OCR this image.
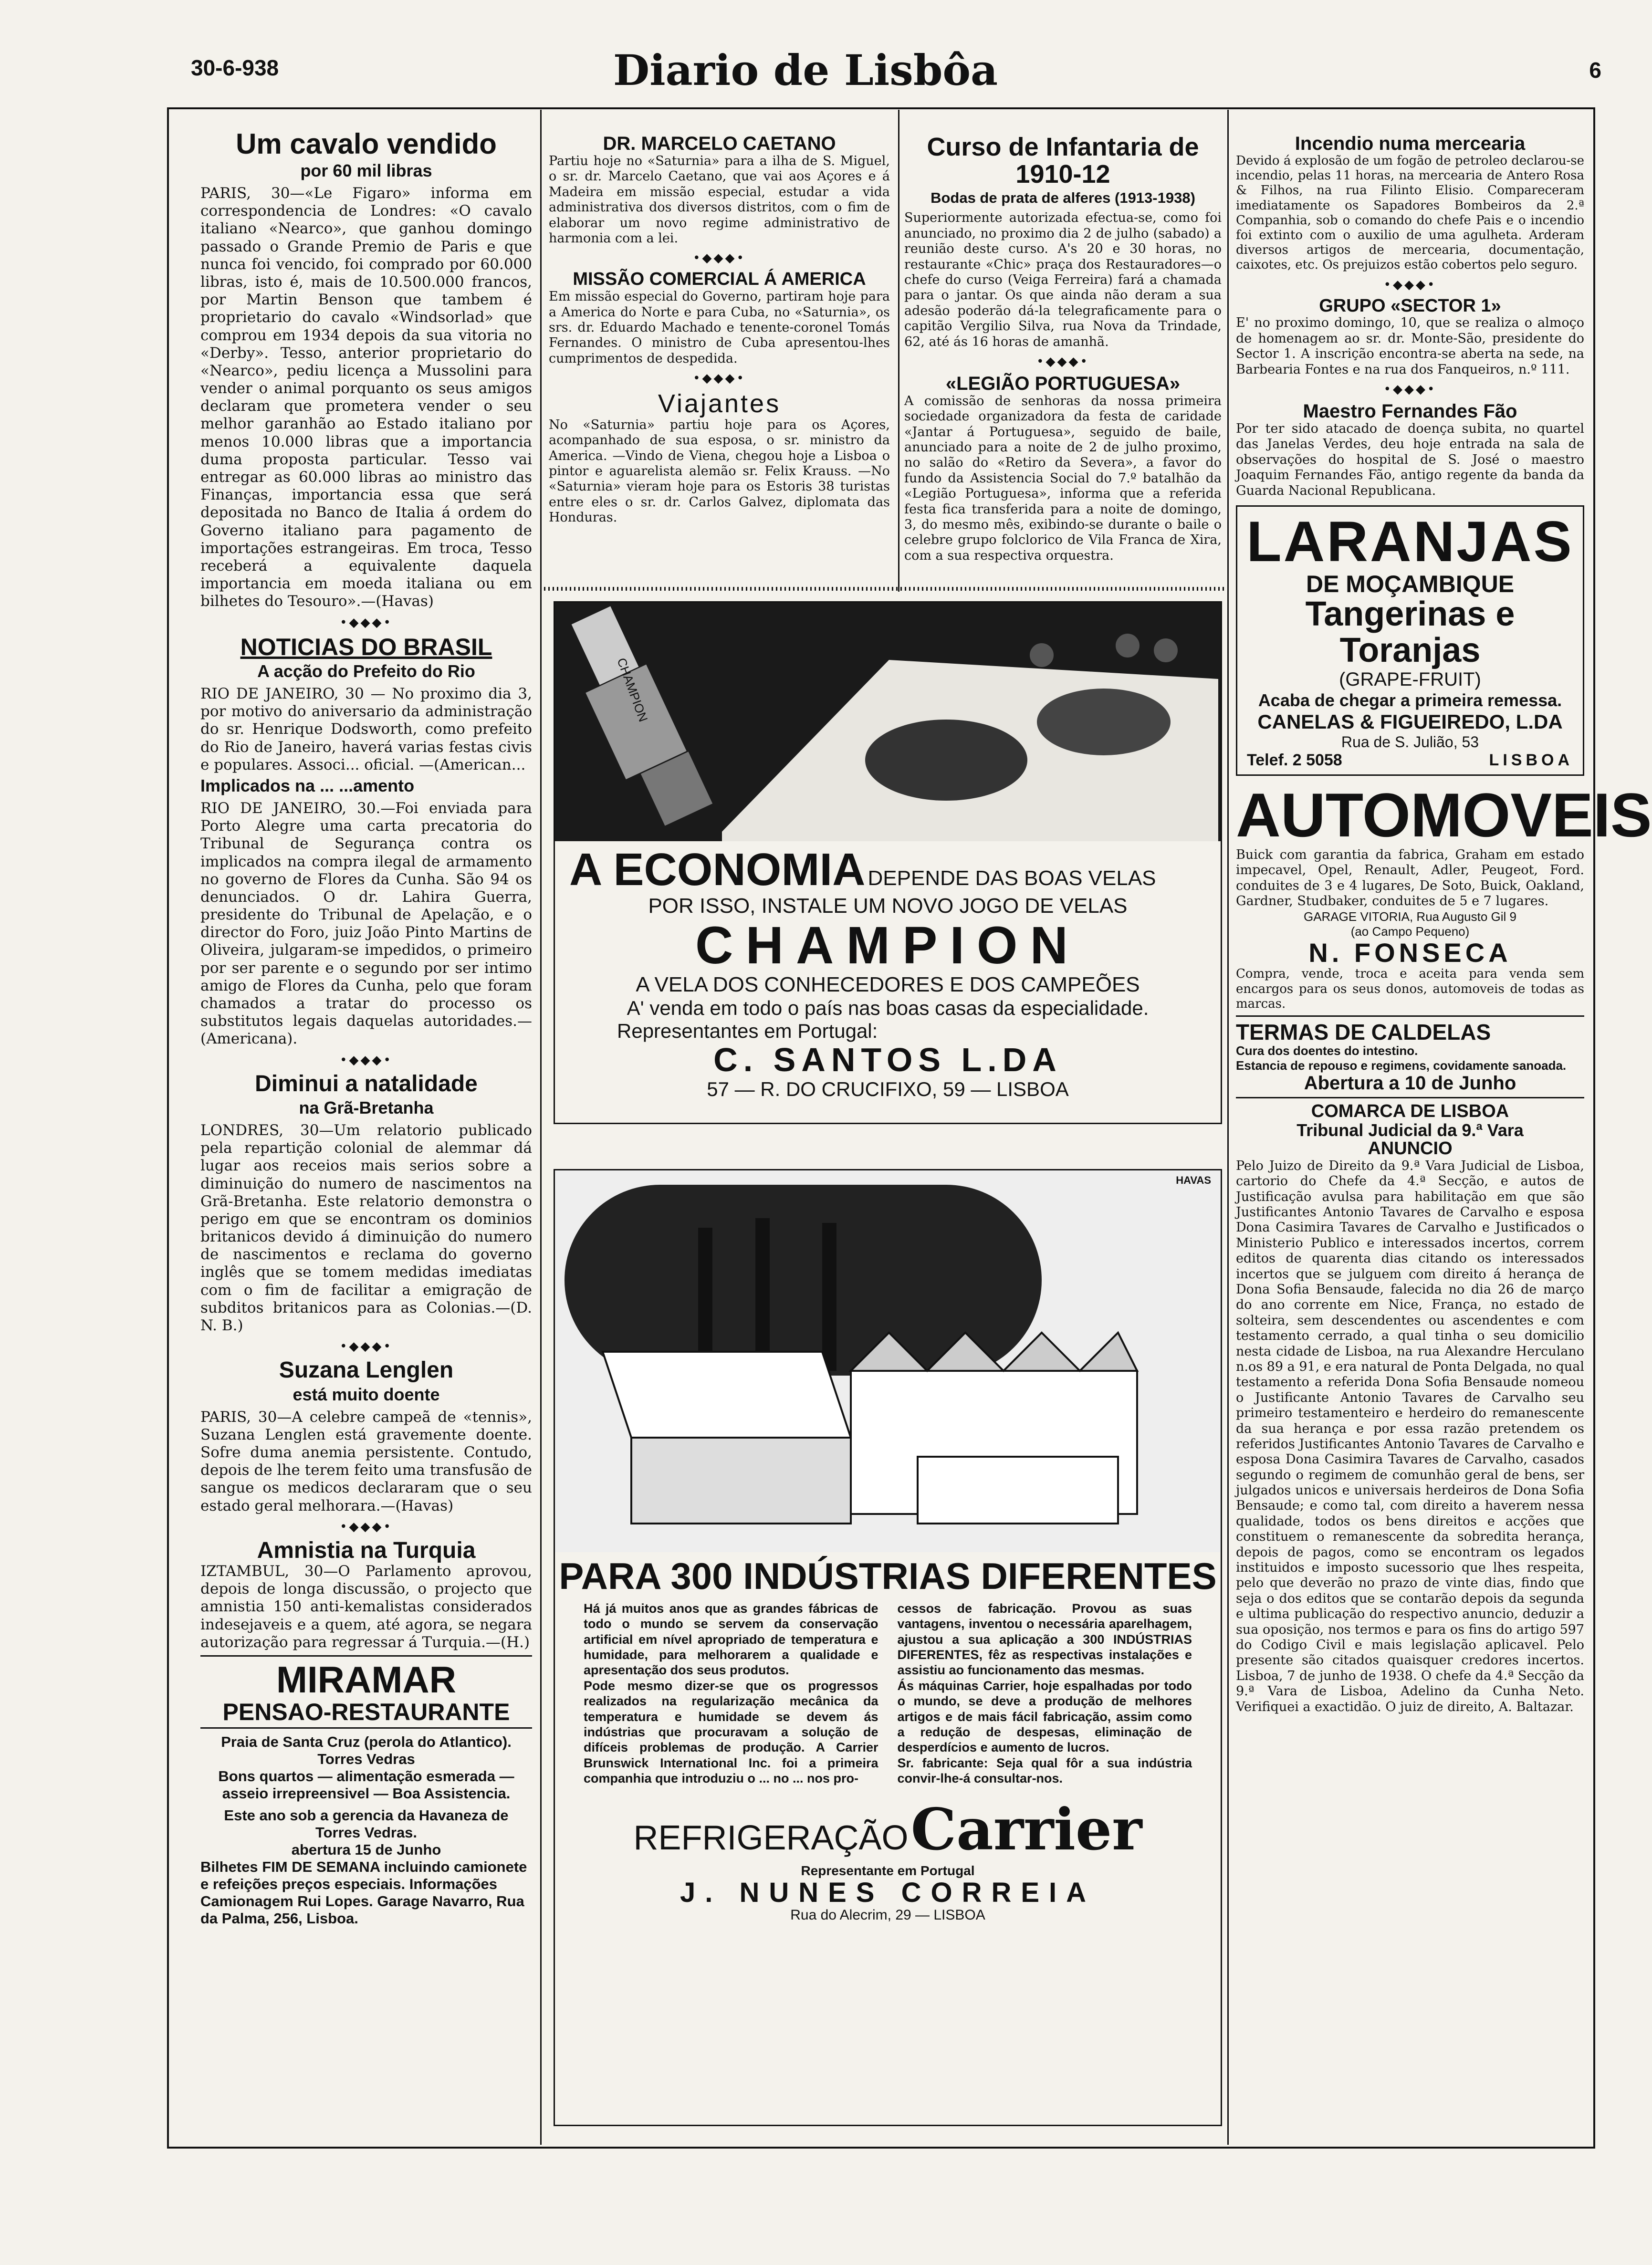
30-6-938	Diario de Lisbôa	6
Um cavalo vendido
por 60 mil libras

PARIS, 30—«Le Figaro» informa em correspondencia de Londres: «O cavalo italiano «Nearco», que ganhou domingo passado o Grande Premio de Paris e que nunca foi vencido, foi comprado por 60.000 libras, isto é, mais de 10.500.000 francos, por Martin Benson que tambem é proprietario do cavalo «Windsorlad» que comprou em 1934 depois da sua vitoria no «Derby». Tesso, anterior proprietario do «Nearco», pediu licença a Mussolini para vender o animal porquanto os seus amigos declaram que prometera vender o seu melhor garanhão ao Estado italiano por menos 10.000 libras que a importancia duma proposta particular. Tesso vai entregar as 60.000 libras ao ministro das Finanças, importancia essa que será depositada no Banco de Italia á ordem do Governo italiano para pagamento de importações estrangeiras. Em troca, Tesso receberá a equivalente daquela importancia em moeda italiana ou em bilhetes do Tesouro».—(Havas)

•◆◆◆•
NOTICIAS DO BRASIL
A acção do Prefeito do Rio

RIO DE JANEIRO, 30 — No proximo dia 3, por motivo do aniversario da administração do sr. Henrique Dodsworth, como prefeito do Rio de Janeiro, haverá varias festas civis e populares. Associ... oficial. —(American...

Implicados na ... ...amento

RIO DE JANEIRO, 30.—Foi enviada para Porto Alegre uma carta precatoria do Tribunal de Segurança contra os implicados na compra ilegal de armamento no governo de Flores da Cunha. São 94 os denunciados. O dr. Lahira Guerra, presidente do Tribunal de Apelação, e o director do Foro, juiz João Pinto Martins de Oliveira, julgaram-se impedidos, o primeiro por ser parente e o segundo por ser intimo amigo de Flores da Cunha, pelo que foram chamados a tratar do processo os substitutos legais daquelas autoridades.—(Americana).

•◆◆◆•
Diminui a natalidade
na Grã-Bretanha

LONDRES, 30—Um relatorio publicado pela repartição colonial de alemmar dá lugar aos receios mais serios sobre a diminuição do numero de nascimentos na Grã-Bretanha. Este relatorio demonstra o perigo em que se encontram os dominios britanicos devido á diminuição do numero de nascimentos e reclama do governo inglês que se tomem medidas imediatas com o fim de facilitar a emigração de subditos britanicos para as Colonias.—(D. N. B.)

•◆◆◆•
Suzana Lenglen
está muito doente

PARIS, 30—A celebre campeã de «tennis», Suzana Lenglen está gravemente doente. Sofre duma anemia persistente. Contudo, depois de lhe terem feito uma transfusão de sangue os medicos declararam que o seu estado geral melhorara.—(Havas)

•◆◆◆•
Amnistia na Turquia

IZTAMBUL, 30—O Parlamento aprovou, depois de longa discussão, o projecto que amnistia 150 anti-kemalistas considerados indesejaveis e a quem, até agora, se negara autorização para regressar á Turquia.—(H.)

MIRAMAR
PENSAO-RESTAURANTE
Praia de Santa Cruz (perola do Atlantico).
Torres Vedras
Bons quartos — alimentação esmerada — asseio irrepreensivel — Boa Assistencia.
Este ano sob a gerencia da Havaneza de Torres Vedras.
abertura 15 de Junho
Bilhetes FIM DE SEMANA incluindo camionete e refeições preços especiais. Informações Camionagem Rui Lopes. Garage Navarro, Rua da Palma, 256, Lisboa.
DR. MARCELO CAETANO

Partiu hoje no «Saturnia» para a ilha de S. Miguel, o sr. dr. Marcelo Caetano, que vai aos Açores e á Madeira em missão especial, estudar a vida administrativa dos diversos distritos, com o fim de elaborar um novo regime administrativo de harmonia com a lei.

•◆◆◆•
MISSÃO COMERCIAL Á AMERICA

Em missão especial do Governo, partiram hoje para a America do Norte e para Cuba, no «Saturnia», os srs. dr. Eduardo Machado e tenente-coronel Tomás Fernandes. O ministro de Cuba apresentou-lhes cumprimentos de despedida.

•◆◆◆•
Viajantes

No «Saturnia» partiu hoje para os Açores, acompanhado de sua esposa, o sr. ministro da America. —Vindo de Viena, chegou hoje a Lisboa o pintor e aguarelista alemão sr. Felix Krauss. —No «Saturnia» vieram hoje para os Estoris 38 turistas entre eles o sr. dr. Carlos Galvez, diplomata das Honduras.

Curso de Infantaria de 1910-12
Bodas de prata de alferes (1913-1938)

Superiormente autorizada efectua-se, como foi anunciado, no proximo dia 2 de julho (sabado) a reunião deste curso. A's 20 e 30 horas, no restaurante «Chic» praça dos Restauradores—o chefe do curso (Veiga Ferreira) fará a chamada para o jantar. Os que ainda não deram a sua adesão poderão dá-la telegraficamente para o capitão Vergilio Silva, rua Nova da Trindade, 62, até ás 16 horas de amanhã.

•◆◆◆•
«LEGIÃO PORTUGUESA»

A comissão de senhoras da nossa primeira sociedade organizadora da festa de caridade «Jantar á Portuguesa», seguido de baile, anunciado para a noite de 2 de julho proximo, no salão do «Retiro da Severa», a favor do fundo da Assistencia Social do 7.º batalhão da «Legião Portuguesa», informa que a referida festa fica transferida para a noite de domingo, 3, do mesmo mês, exibindo-se durante o baile o celebre grupo folclorico de Vila Franca de Xira, com a sua respectiva orquestra.

CHAMPION
A ECONOMIA DEPENDE DAS BOAS VELAS
POR ISSO, INSTALE UM NOVO JOGO DE VELAS
CHAMPION
A VELA DOS CONHECEDORES E DOS CAMPEÕES
A' venda em todo o país nas boas casas da especialidade.
Representantes em Portugal:
C. SANTOS L.DA
57 — R. DO CRUCIFIXO, 59 — LISBOA
HAVAS
PARA 300 INDÚSTRIAS DIFERENTES

Há já muitos anos que as grandes fábricas de todo o mundo se servem da conservação artificial em nível apropriado de temperatura e humidade, para melhorarem a qualidade e apresentação dos seus produtos.

Pode mesmo dizer-se que os progressos realizados na regularização mecânica da temperatura e humidade se devem ás indústrias que procuravam a solução de difíceis problemas de produção. A Carrier Brunswick International Inc. foi a primeira companhia que introduziu o ... no ... nos pro-

cessos de fabricação. Provou as suas vantagens, inventou o necessária aparelhagem, ajustou a sua aplicação a 300 INDÚSTRIAS DIFERENTES, fêz as respectivas instalações e assistiu ao funcionamento das mesmas.

Ás máquinas Carrier, hoje espalhadas por todo o mundo, se deve a produção de melhores artigos e de mais fácil fabricação, assim como a redução de despesas, eliminação de desperdícios e aumento de lucros.

Sr. fabricante: Seja qual fôr a sua indústria convir-lhe-á consultar-nos.

REFRIGERAÇÃO Carrier
Representante em Portugal
J. NUNES CORREIA
Rua do Alecrim, 29 — LISBOA
Incendio numa mercearia

Devido á explosão de um fogão de petroleo declarou-se incendio, pelas 11 horas, na mercearia de Antero Rosa & Filhos, na rua Filinto Elisio. Compareceram imediatamente os Sapadores Bombeiros da 2.ª Companhia, sob o comando do chefe Pais e o incendio foi extinto com o auxilio de uma agulheta. Arderam diversos artigos de mercearia, documentação, caixotes, etc. Os prejuizos estão cobertos pelo seguro.

•◆◆◆•
GRUPO «SECTOR 1»

E' no proximo domingo, 10, que se realiza o almoço de homenagem ao sr. dr. Monte-São, presidente do Sector 1. A inscrição encontra-se aberta na sede, na Barbearia Fontes e na rua dos Fanqueiros, n.º 111.

•◆◆◆•
Maestro Fernandes Fão

Por ter sido atacado de doença subita, no quartel das Janelas Verdes, deu hoje entrada na sala de observações do hospital de S. José o maestro Joaquim Fernandes Fão, antigo regente da banda da Guarda Nacional Republicana.

LARANJAS
DE MOÇAMBIQUE
Tangerinas e Toranjas
(GRAPE-FRUIT)
Acaba de chegar a primeira remessa.
CANELAS & FIGUEIREDO, L.DA
Rua de S. Julião, 53
Telef. 2 5058	LISBOA
AUTOMOVEIS

Buick com garantia da fabrica, Graham em estado impecavel, Opel, Renault, Adler, Peugeot, Ford. conduites de 3 e 4 lugares, De Soto, Buick, Oakland, Gardner, Studbaker, conduites de 5 e 7 lugares.

GARAGE VITORIA, Rua Augusto Gil 9
(ao Campo Pequeno)
N. FONSECA

Compra, vende, troca e aceita para venda sem encargos para os seus donos, automoveis de todas as marcas.

TERMAS DE CALDELAS
Cura dos doentes do intestino.
Estancia de repouso e regimens, covidamente sanoada.
Abertura a 10 de Junho
COMARCA DE LISBOA
Tribunal Judicial da 9.ª Vara
ANUNCIO

Pelo Juizo de Direito da 9.ª Vara Judicial de Lisboa, cartorio do Chefe da 4.ª Secção, e autos de Justificação avulsa para habilitação em que são Justificantes Antonio Tavares de Carvalho e esposa Dona Casimira Tavares de Carvalho e Justificados o Ministerio Publico e interessados incertos, correm editos de quarenta dias citando os interessados incertos que se julguem com direito á herança de Dona Sofia Bensaude, falecida no dia 26 de março do ano corrente em Nice, França, no estado de solteira, sem descendentes ou ascendentes e com testamento cerrado, a qual tinha o seu domicilio nesta cidade de Lisboa, na rua Alexandre Herculano n.os 89 a 91, e era natural de Ponta Delgada, no qual testamento a referida Dona Sofia Bensaude nomeou o Justificante Antonio Tavares de Carvalho seu primeiro testamenteiro e herdeiro do remanescente da sua herança e por essa razão pretendem os referidos Justificantes Antonio Tavares de Carvalho e esposa Dona Casimira Tavares de Carvalho, casados segundo o regimem de comunhão geral de bens, ser julgados unicos e universais herdeiros de Dona Sofia Bensaude; e como tal, com direito a haverem nessa qualidade, todos os bens direitos e acções que constituem o remanescente da sobredita herança, depois de pagos, como se encontram os legados instituidos e imposto sucessorio que lhes respeita, pelo que deverão no prazo de vinte dias, findo que seja o dos editos que se contarão depois da segunda e ultima publicação do respectivo anuncio, deduzir a sua oposição, nos termos e para os fins do artigo 597 do Codigo Civil e mais legislação aplicavel. Pelo presente são citados quaisquer credores incertos. Lisboa, 7 de junho de 1938. O chefe da 4.ª Secção da 9.ª Vara de Lisboa, Adelino da Cunha Neto. Verifiquei a exactidão. O juiz de direito, A. Baltazar.
